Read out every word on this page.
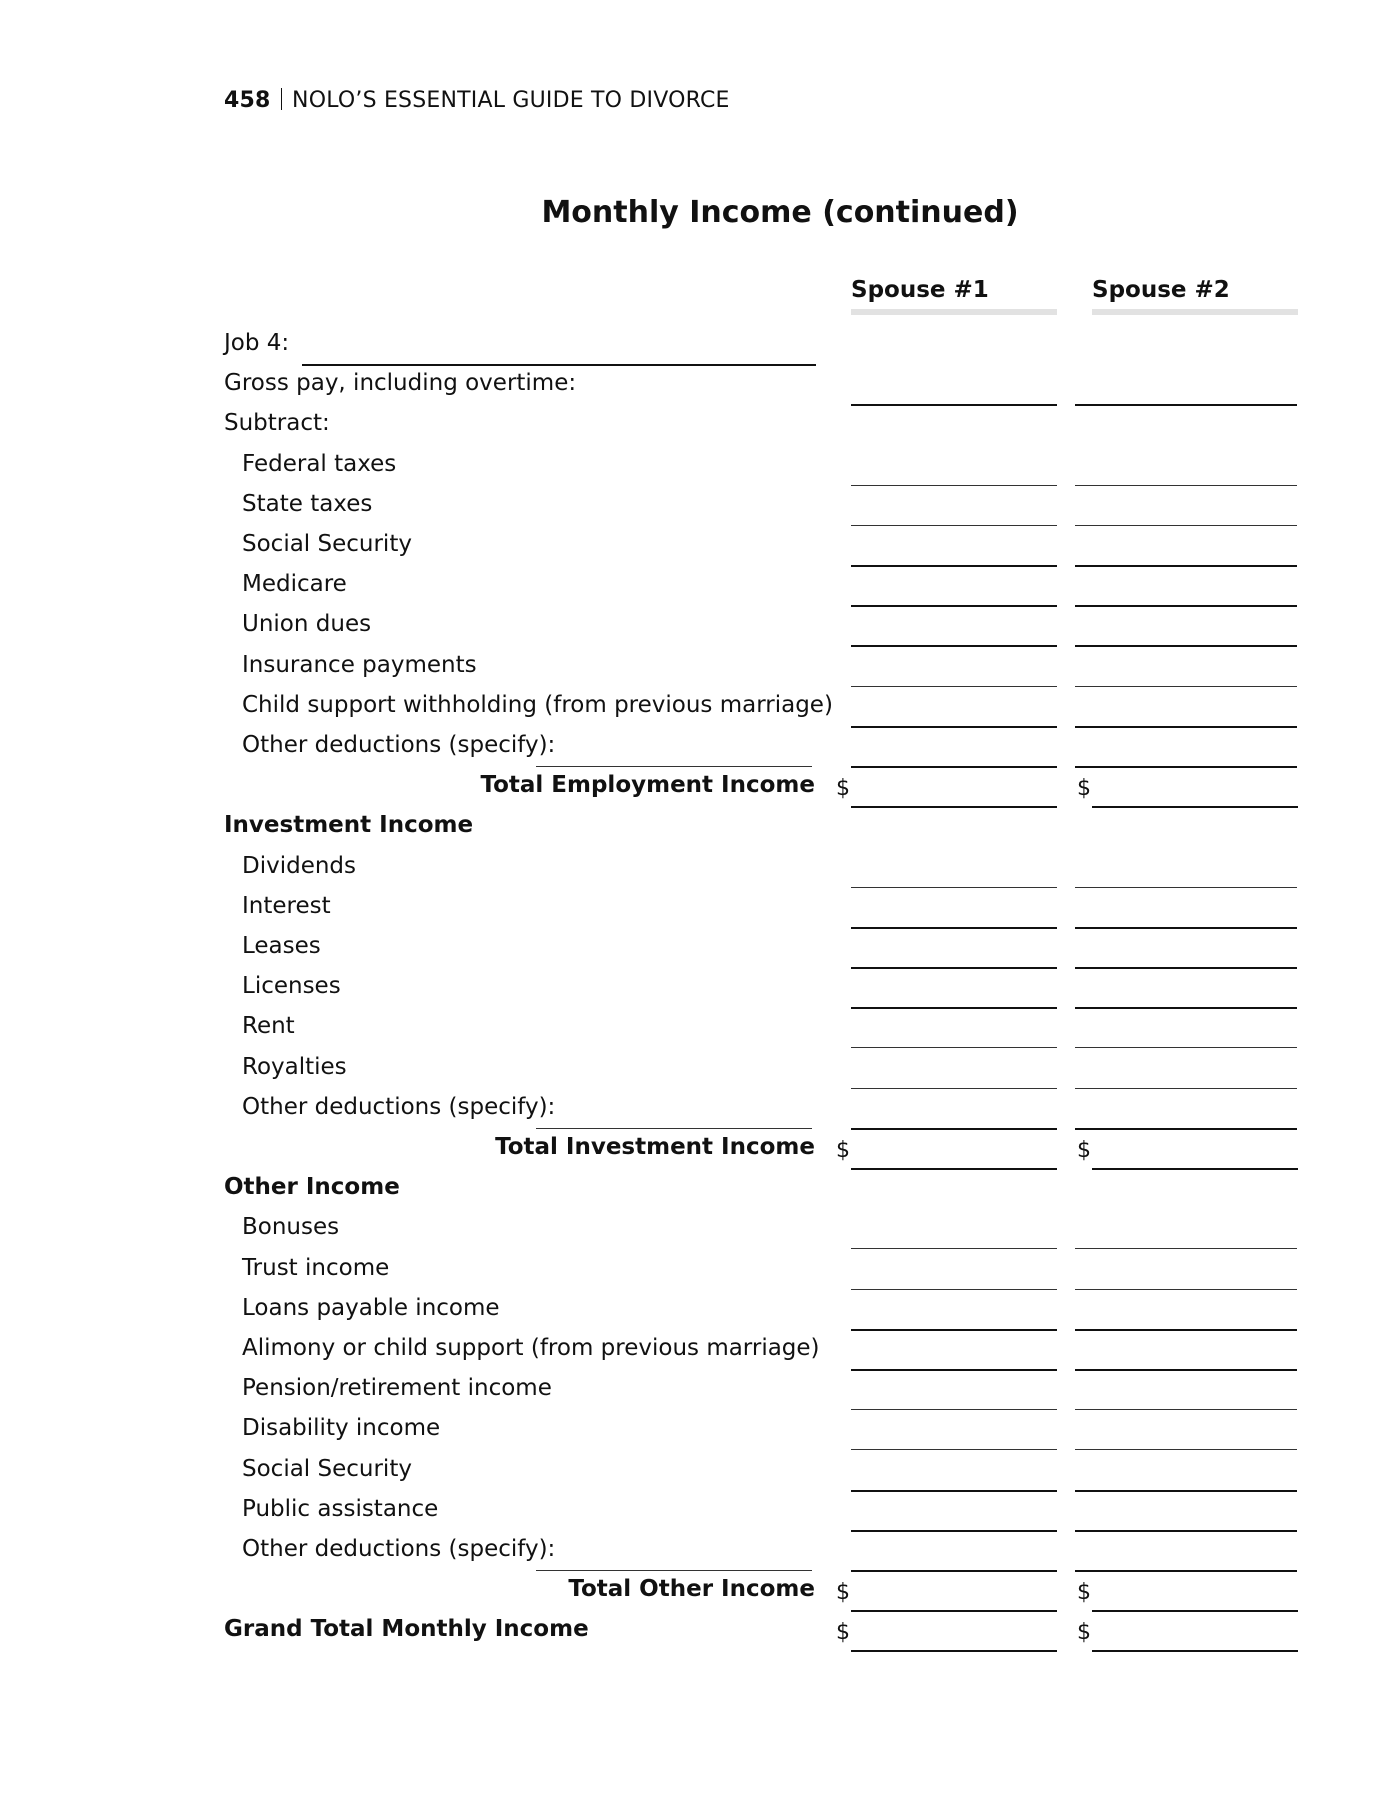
458 NOLO’S ESSENTIAL GUIDE TO DIVORCE
Monthly Income (continued)
Spouse #1	Spouse #2
Job 4:
Gross pay, including overtime:
Subtract:
Federal taxes
State taxes
Social Security
Medicare
Union dues
Insurance payments
Child support withholding (from previous marriage)
Other deductions (specify):
Total Employment Income $	$
Investment Income
Dividends
Interest
Leases
Licenses
Rent
Royalties
Other deductions (specify):
Total Investment Income $	$
Other Income
Bonuses
Trust income
Loans payable income
Alimony or child support (from previous marriage)
Pension/retirement income
Disability income
Social Security
Public assistance
Other deductions (specify):
Total Other Income $	$
Grand Total Monthly Income	$	$
